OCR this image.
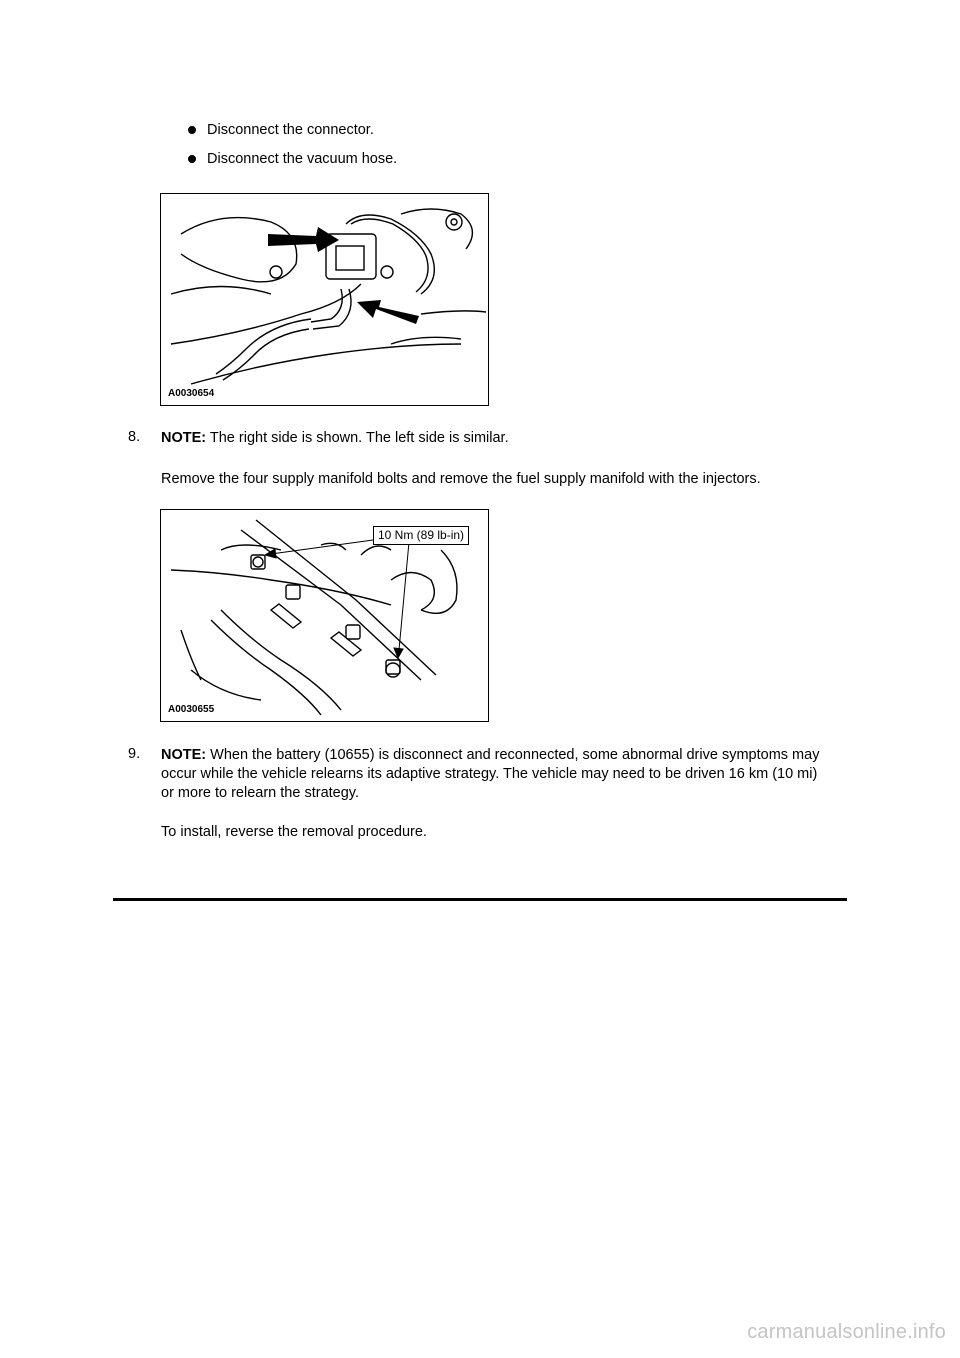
Disconnect the connector.
Disconnect the vacuum hose.
A0030654
8. NOTE: The right side is shown. The left side is similar.
Remove the four supply manifold bolts and remove the fuel supply manifold with the injectors.
10 Nm (89 lb-in)
A0030655
9. NOTE: When the battery (10655) is disconnect and reconnected, some abnormal drive symptoms may occur while the vehicle relearns its adaptive strategy. The vehicle may need to be driven 16 km (10 mi) or more to relearn the strategy.
To install, reverse the removal procedure.
carmanualsonline.info
